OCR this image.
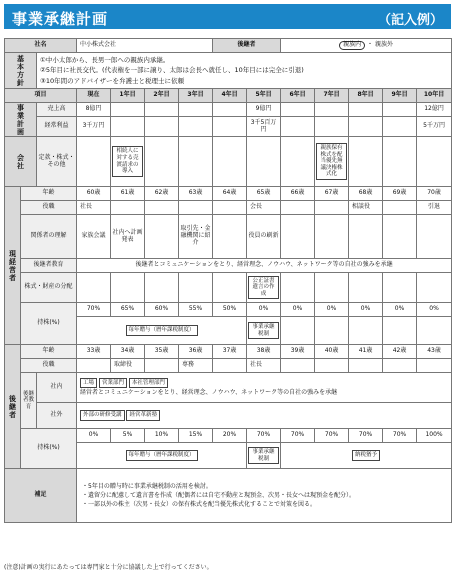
事業承継計画	（記入例）
社名			中小株式会社				後継者		親族内 ・ 親族外				
基本方針		①中小太郎から、長男一郎への親族内承継。
②5年目に社長交代。(代表権を一部に譲り、太郎は会長へ就任し、10年目には完全に引退)
③10年間のアドバイザーを弁護士と税理士に依頼											

項目			現在	1年目	2年目	3年目	4年目	5年目	6年目	7年目	8年目	9年目	10年目
事業計画		売上高	8億円					9億円					12億円
		経常利益	3千万円					3千5百万円					5千万円
会社		定款・株式・その他		相続人に対する売渡請求の導入						親族保有株式を配当優先無議決権株式化			
現経営者	年齢		60歳	61歳	62歳	63歳	64歳	65歳	66歳	67歳	68歳	69歳	70歳
	役職		社長					会長			相談役		引退
	関係者の理解		家族会議	社内へ計画発表		取引先・金融機関に紹介		役員の刷新					
	後継者教育		後継者とコミュニケーションをとり、経営理念、ノウハウ、ネットワーク等の自社の強みを承継										
	株式・財産の分配							公正証書遺言の作成					
	持株(%)		70%	65%	60%	55%	50%	0%	0%	0%	0%	0%	0%
			毎年贈与（暦年課税制度）					事業承継税制					
後継者	年齢		33歳	34歳	35歳	36歳	37歳	38歳	39歳	40歳	41歳	42歳	43歳
	役職			取締役		専務		社長					
	後継者教育	社内	工場 営業部門 本社管理部門
経営者とコミュニケーションをとり、経営理念、ノウハウ、ネットワーク等の自社の強みを承継										

		社外	外部の研修受講 経営革新塾										
	持株(%)		0%	5%	10%	15%	20%	70%	70%	70%	70%	70%	100%
			毎年贈与（暦年課税制度）					事業承継税制	納税猶予				
補足			・5年目の贈与時に事業承継税制の活用を検討。
・遺留分に配慮して遺言書を作成（配偶者には自宅不動産と現預金、次男・長女へは現預金を配分）。
・一部以外の株主（次男・長女）の保有株式を配当優先株式化することで対策を図る。										
(注意)計画の実行にあたっては専門家と十分に協議した上で行ってください。
